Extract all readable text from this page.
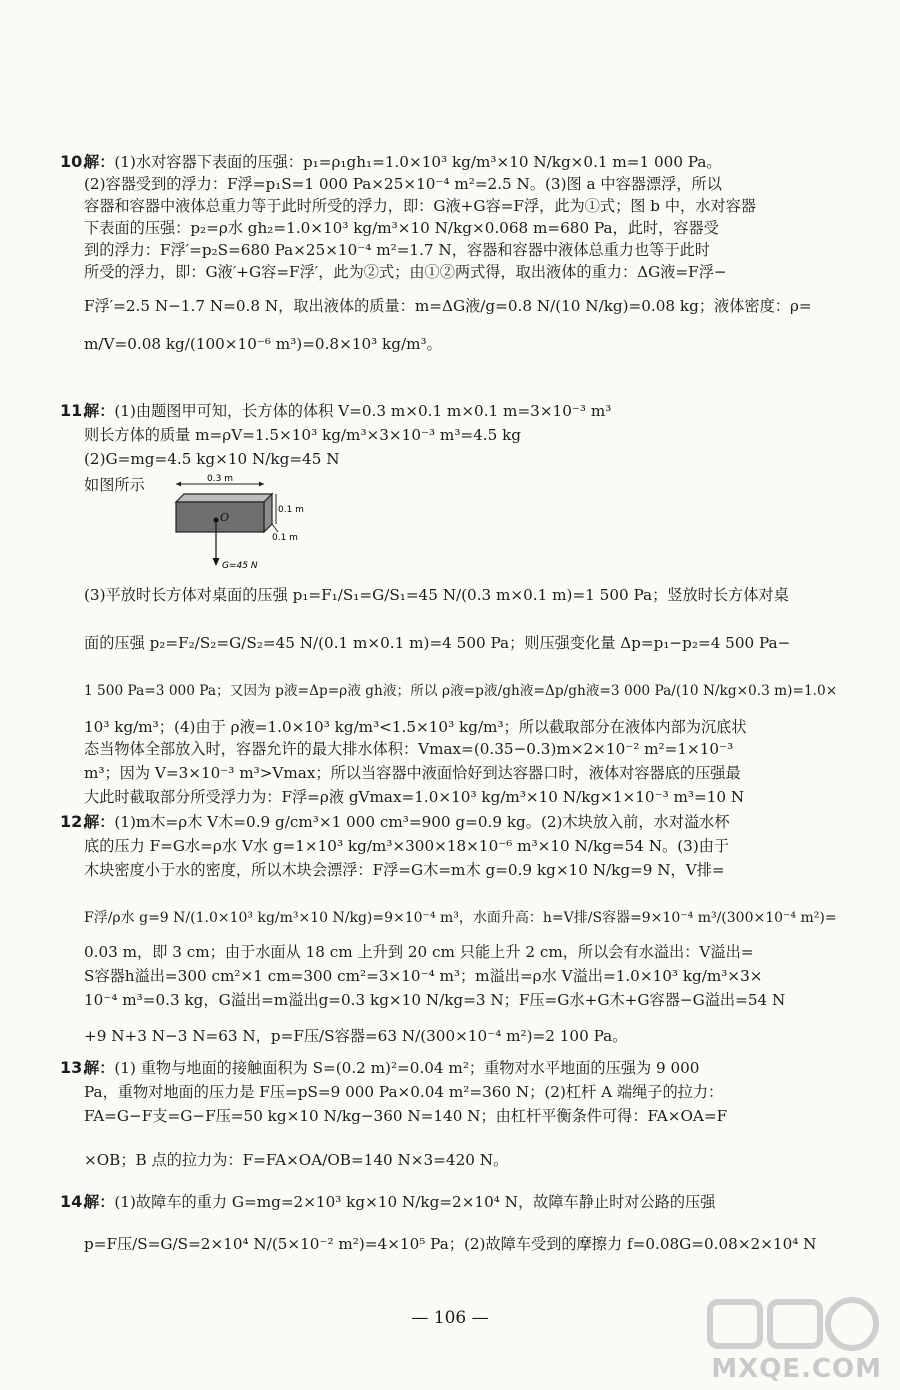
10.
解：(1)水对容器下表面的压强：p₁=ρ₁gh₁=1.0×10³ kg/m³×10 N/kg×0.1 m=1 000 Pa。
(2)容器受到的浮力：F浮=p₁S=1 000 Pa×25×10⁻⁴ m²=2.5 N。(3)图 a 中容器漂浮，所以
容器和容器中液体总重力等于此时所受的浮力，即：G液+G容=F浮，此为①式；图 b 中，水对容器
下表面的压强：p₂=ρ水 gh₂=1.0×10³ kg/m³×10 N/kg×0.068 m=680 Pa，此时，容器受
到的浮力：F浮′=p₂S=680 Pa×25×10⁻⁴ m²=1.7 N，容器和容器中液体总重力也等于此时
所受的浮力，即：G液′+G容=F浮′，此为②式；由①②两式得，取出液体的重力：ΔG液=F浮−
F浮′=2.5 N−1.7 N=0.8 N，取出液体的质量：m=ΔG液/g=0.8 N/(10 N/kg)=0.08 kg；液体密度：ρ=
m/V=0.08 kg/(100×10⁻⁶ m³)=0.8×10³ kg/m³。
11.
解：(1)由题图甲可知，长方体的体积 V=0.3 m×0.1 m×0.1 m=3×10⁻³ m³
则长方体的质量 m=ρV=1.5×10³ kg/m³×3×10⁻³ m³=4.5 kg
(2)G=mg=4.5 kg×10 N/kg=45 N
如图所示
(3)平放时长方体对桌面的压强 p₁=F₁/S₁=G/S₁=45 N/(0.3 m×0.1 m)=1 500 Pa；竖放时长方体对桌
面的压强 p₂=F₂/S₂=G/S₂=45 N/(0.1 m×0.1 m)=4 500 Pa；则压强变化量 Δp=p₁−p₂=4 500 Pa−
1 500 Pa=3 000 Pa；又因为 p液=Δp=ρ液 gh液；所以 ρ液=p液/gh液=Δp/gh液=3 000 Pa/(10 N/kg×0.3 m)=1.0×
10³ kg/m³；(4)由于 ρ液=1.0×10³ kg/m³<1.5×10³ kg/m³；所以截取部分在液体内部为沉底状
态当物体全部放入时，容器允许的最大排水体积：Vmax=(0.35−0.3)m×2×10⁻² m²=1×10⁻³
m³；因为 V=3×10⁻³ m³>Vmax；所以当容器中液面恰好到达容器口时，液体对容器底的压强最
大此时截取部分所受浮力为：F浮=ρ液 gVmax=1.0×10³ kg/m³×10 N/kg×1×10⁻³ m³=10 N
12.
解：(1)m木=ρ木 V木=0.9 g/cm³×1 000 cm³=900 g=0.9 kg。(2)木块放入前，水对溢水杯
底的压力 F=G水=ρ水 V水 g=1×10³ kg/m³×300×18×10⁻⁶ m³×10 N/kg=54 N。(3)由于
木块密度小于水的密度，所以木块会漂浮：F浮=G木=m木 g=0.9 kg×10 N/kg=9 N，V排=
F浮/ρ水 g=9 N/(1.0×10³ kg/m³×10 N/kg)=9×10⁻⁴ m³，水面升高：h=V排/S容器=9×10⁻⁴ m³/(300×10⁻⁴ m²)=
0.03 m，即 3 cm；由于水面从 18 cm 上升到 20 cm 只能上升 2 cm，所以会有水溢出：V溢出=
S容器h溢出=300 cm²×1 cm=300 cm²=3×10⁻⁴ m³；m溢出=ρ水 V溢出=1.0×10³ kg/m³×3×
10⁻⁴ m³=0.3 kg，G溢出=m溢出g=0.3 kg×10 N/kg=3 N；F压=G水+G木+G容器−G溢出=54 N
+9 N+3 N−3 N=63 N，p=F压/S容器=63 N/(300×10⁻⁴ m²)=2 100 Pa。
13.
解：(1) 重物与地面的接触面积为 S=(0.2 m)²=0.04 m²；重物对水平地面的压强为 9 000
Pa，重物对地面的压力是 F压=pS=9 000 Pa×0.04 m²=360 N；(2)杠杆 A 端绳子的拉力：
FA=G−F支=G−F压=50 kg×10 N/kg−360 N=140 N；由杠杆平衡条件可得：FA×OA=F
×OB；B 点的拉力为：F=FA×OA/OB=140 N×3=420 N。
14.
解：(1)故障车的重力 G=mg=2×10³ kg×10 N/kg=2×10⁴ N，故障车静止时对公路的压强
p=F压/S=G/S=2×10⁴ N/(5×10⁻² m²)=4×10⁵ Pa；(2)故障车受到的摩擦力 f=0.08G=0.08×2×10⁴ N
0.3 m
0.1 m
0.1 m
O
G=45 N
— 106 —
MXQE.COM
